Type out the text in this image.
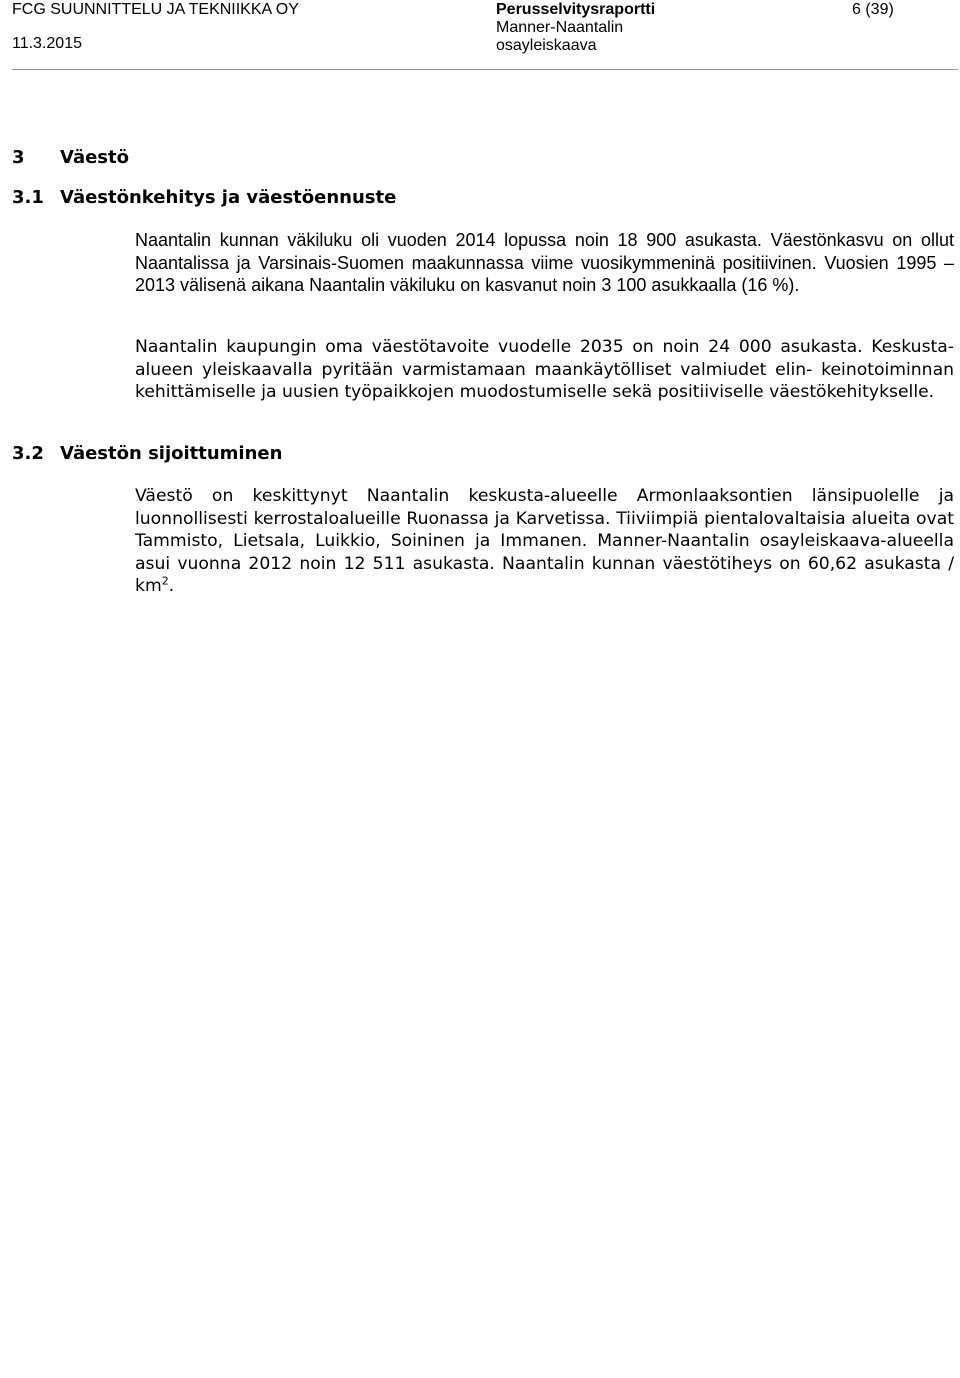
FCG SUUNNITTELU JA TEKNIIKKA OY
11.3.2015
Perusselvitysraportti
Manner-Naantalin
osayleiskaava
6 (39)
3 Väestö
3.1 Väestönkehitys ja väestöennuste

Naantalin kunnan väkiluku oli vuoden 2014 lopussa noin 18 900 asukasta. Väestönkasvu on ollut Naantalissa ja Varsinais-Suomen maakunnassa viime vuosikymmeninä positiivinen. Vuosien 1995 – 2013 välisenä aikana Naantalin väkiluku on kasvanut noin 3 100 asukkaalla (16 %).

Naantalin kaupungin oma väestötavoite vuodelle 2035 on noin 24 000 asukasta. Keskusta-alueen yleiskaavalla pyritään varmistamaan maankäytölliset valmiudet elin- keinotoiminnan kehittämiselle ja uusien työpaikkojen muodostumiselle sekä positiiviselle väestökehitykselle.

3.2 Väestön sijoittuminen

Väestö on keskittynyt Naantalin keskusta-alueelle Armonlaaksontien länsipuolelle ja luonnollisesti kerrostaloalueille Ruonassa ja Karvetissa. Tiiviimpiä pientalovaltaisia alueita ovat Tammisto, Lietsala, Luikkio, Soininen ja Immanen. Manner-Naantalin osayleiskaava-alueella asui vuonna 2012 noin 12 511 asukasta. Naantalin kunnan väestötiheys on 60,62 asukasta / $km^2$.
